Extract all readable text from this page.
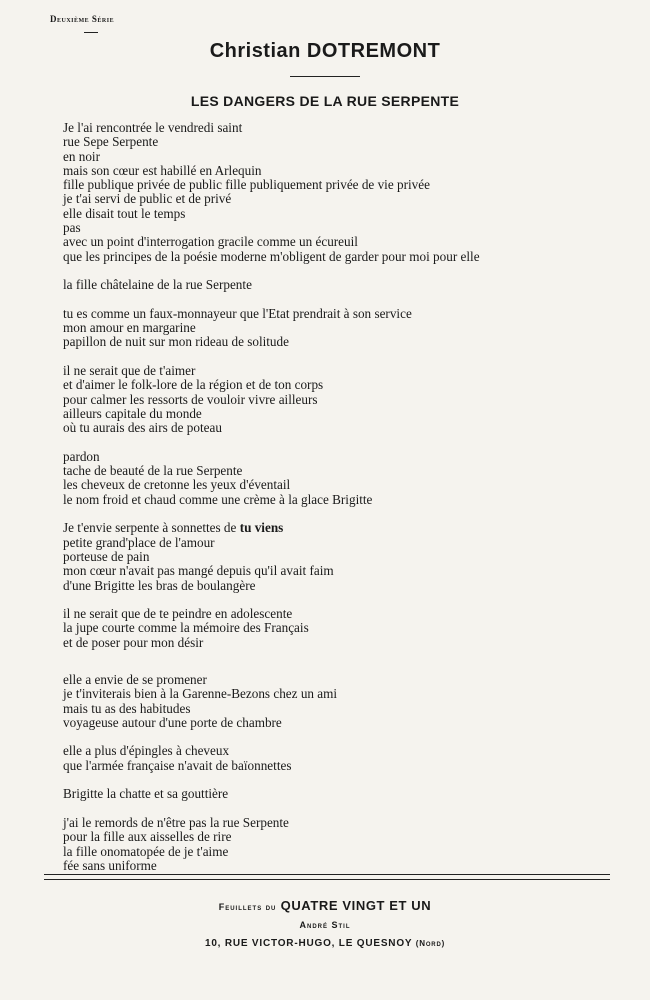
Deuxième Série
Christian DOTREMONT
LES DANGERS DE LA RUE SERPENTE
Je l'ai rencontrée le vendredi saint
rue Sepe Serpente
en noir
mais son cœur est habillé en Arlequin
fille publique privée de public fille publiquement privée de vie privée
je t'ai servi de public et de privé
elle disait tout le temps
pas
avec un point d'interrogation gracile comme un écureuil
que les principes de la poésie moderne m'obligent de garder pour moi pour elle
la fille châtelaine de la rue Serpente
tu es comme un faux-monnayeur que l'Etat prendrait à son service
mon amour en margarine
papillon de nuit sur mon rideau de solitude
il ne serait que de t'aimer
et d'aimer le folk-lore de la région et de ton corps
pour calmer les ressorts de vouloir vivre ailleurs
ailleurs capitale du monde
où tu aurais des airs de poteau
pardon
tache de beauté de la rue Serpente
les cheveux de cretonne les yeux d'éventail
le nom froid et chaud comme une crème à la glace Brigitte
Je t'envie serpente à sonnettes de tu viens
petite grand'place de l'amour
porteuse de pain
mon cœur n'avait pas mangé depuis qu'il avait faim
d'une Brigitte les bras de boulangère
il ne serait que de te peindre en adolescente
la jupe courte comme la mémoire des Français
et de poser pour mon désir
elle a envie de se promener
je t'inviterais bien à la Garenne-Bezons chez un ami
mais tu as des habitudes
voyageuse autour d'une porte de chambre
elle a plus d'épingles à cheveux
que l'armée française n'avait de baïonnettes
Brigitte la chatte et sa gouttière
j'ai le remords de n'être pas la rue Serpente
pour la fille aux aisselles de rire
la fille onomatopée de je t'aime
fée sans uniforme
Feuillets du QUATRE VINGT ET UN
André Stil
10, RUE VICTOR-HUGO, LE QUESNOY (Nord)
